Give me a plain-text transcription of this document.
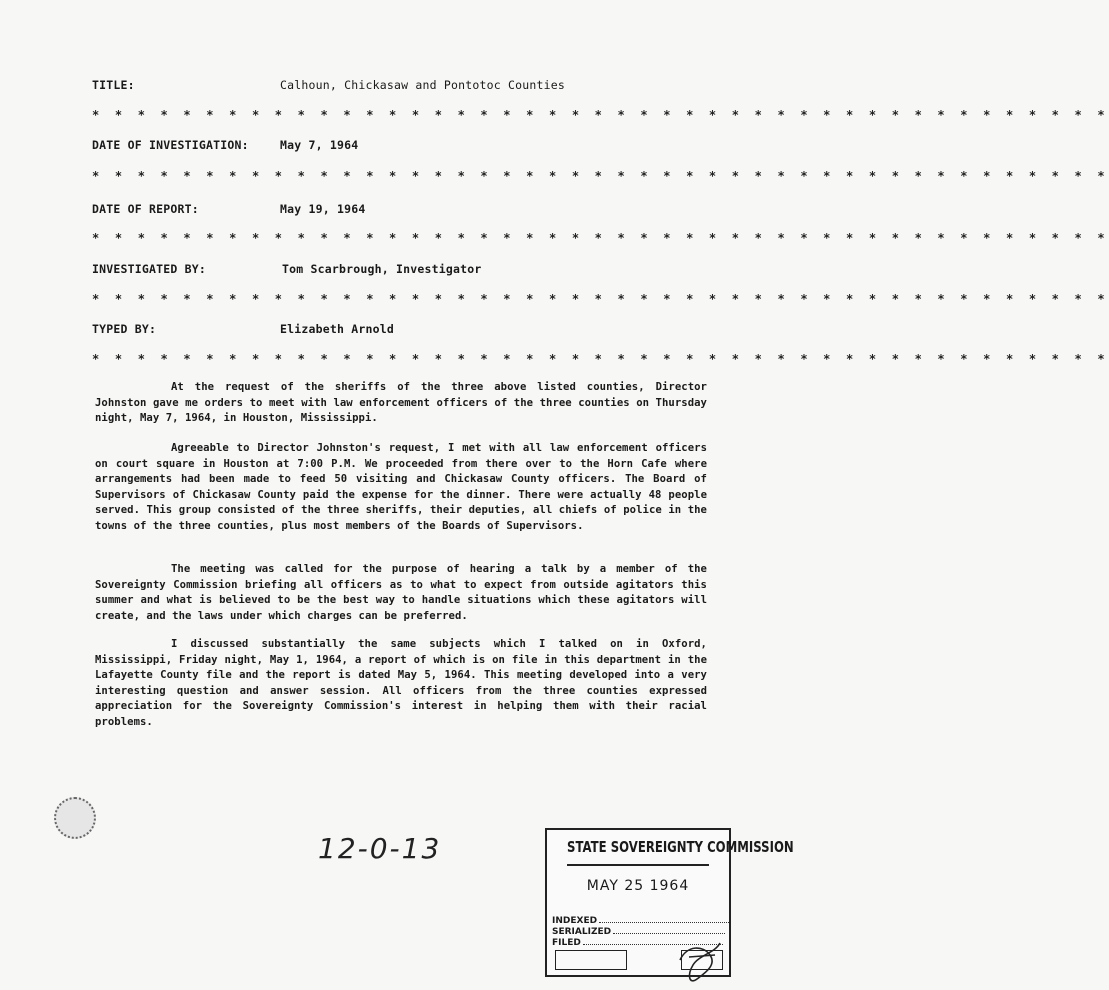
TITLE:	Calhoun, Chickasaw and Pontotoc Counties
* * * * * * * * * * * * * * * * * * * * * * * * * * * * * * * * * * * * * * * * * * * * *
DATE OF INVESTIGATION:	May 7, 1964
* * * * * * * * * * * * * * * * * * * * * * * * * * * * * * * * * * * * * * * * * * * * *
DATE OF REPORT:	May 19, 1964
* * * * * * * * * * * * * * * * * * * * * * * * * * * * * * * * * * * * * * * * * * * * *
INVESTIGATED BY:	Tom Scarbrough, Investigator
* * * * * * * * * * * * * * * * * * * * * * * * * * * * * * * * * * * * * * * * * * * * *
TYPED BY:	Elizabeth Arnold
* * * * * * * * * * * * * * * * * * * * * * * * * * * * * * * * * * * * * * * * * * * * *
At the request of the sheriffs of the three above listed counties, Director Johnston gave me orders to meet with law enforcement officers of the three counties on Thursday night, May 7, 1964, in Houston, Mississippi.
Agreeable to Director Johnston's request, I met with all law enforcement officers on court square in Houston at 7:00 P.M. We proceeded from there over to the Horn Cafe where arrangements had been made to feed 50 visiting and Chickasaw County officers. The Board of Supervisors of Chickasaw County paid the expense for the dinner. There were actually 48 people served. This group consisted of the three sheriffs, their deputies, all chiefs of police in the towns of the three counties, plus most members of the Boards of Supervisors.
The meeting was called for the purpose of hearing a talk by a member of the Sovereignty Commission briefing all officers as to what to expect from outside agitators this summer and what is believed to be the best way to handle situations which these agitators will create, and the laws under which charges can be preferred.
I discussed substantially the same subjects which I talked on in Oxford, Mississippi, Friday night, May 1, 1964, a report of which is on file in this department in the Lafayette County file and the report is dated May 5, 1964. This meeting developed into a very interesting question and answer session. All officers from the three counties expressed appreciation for the Sovereignty Commission's interest in helping them with their racial problems.
12-0-13	STATE SOVEREIGNTY COMMISSION
MAY 25 1964
INDEXED
SERIALIZED
FILED
